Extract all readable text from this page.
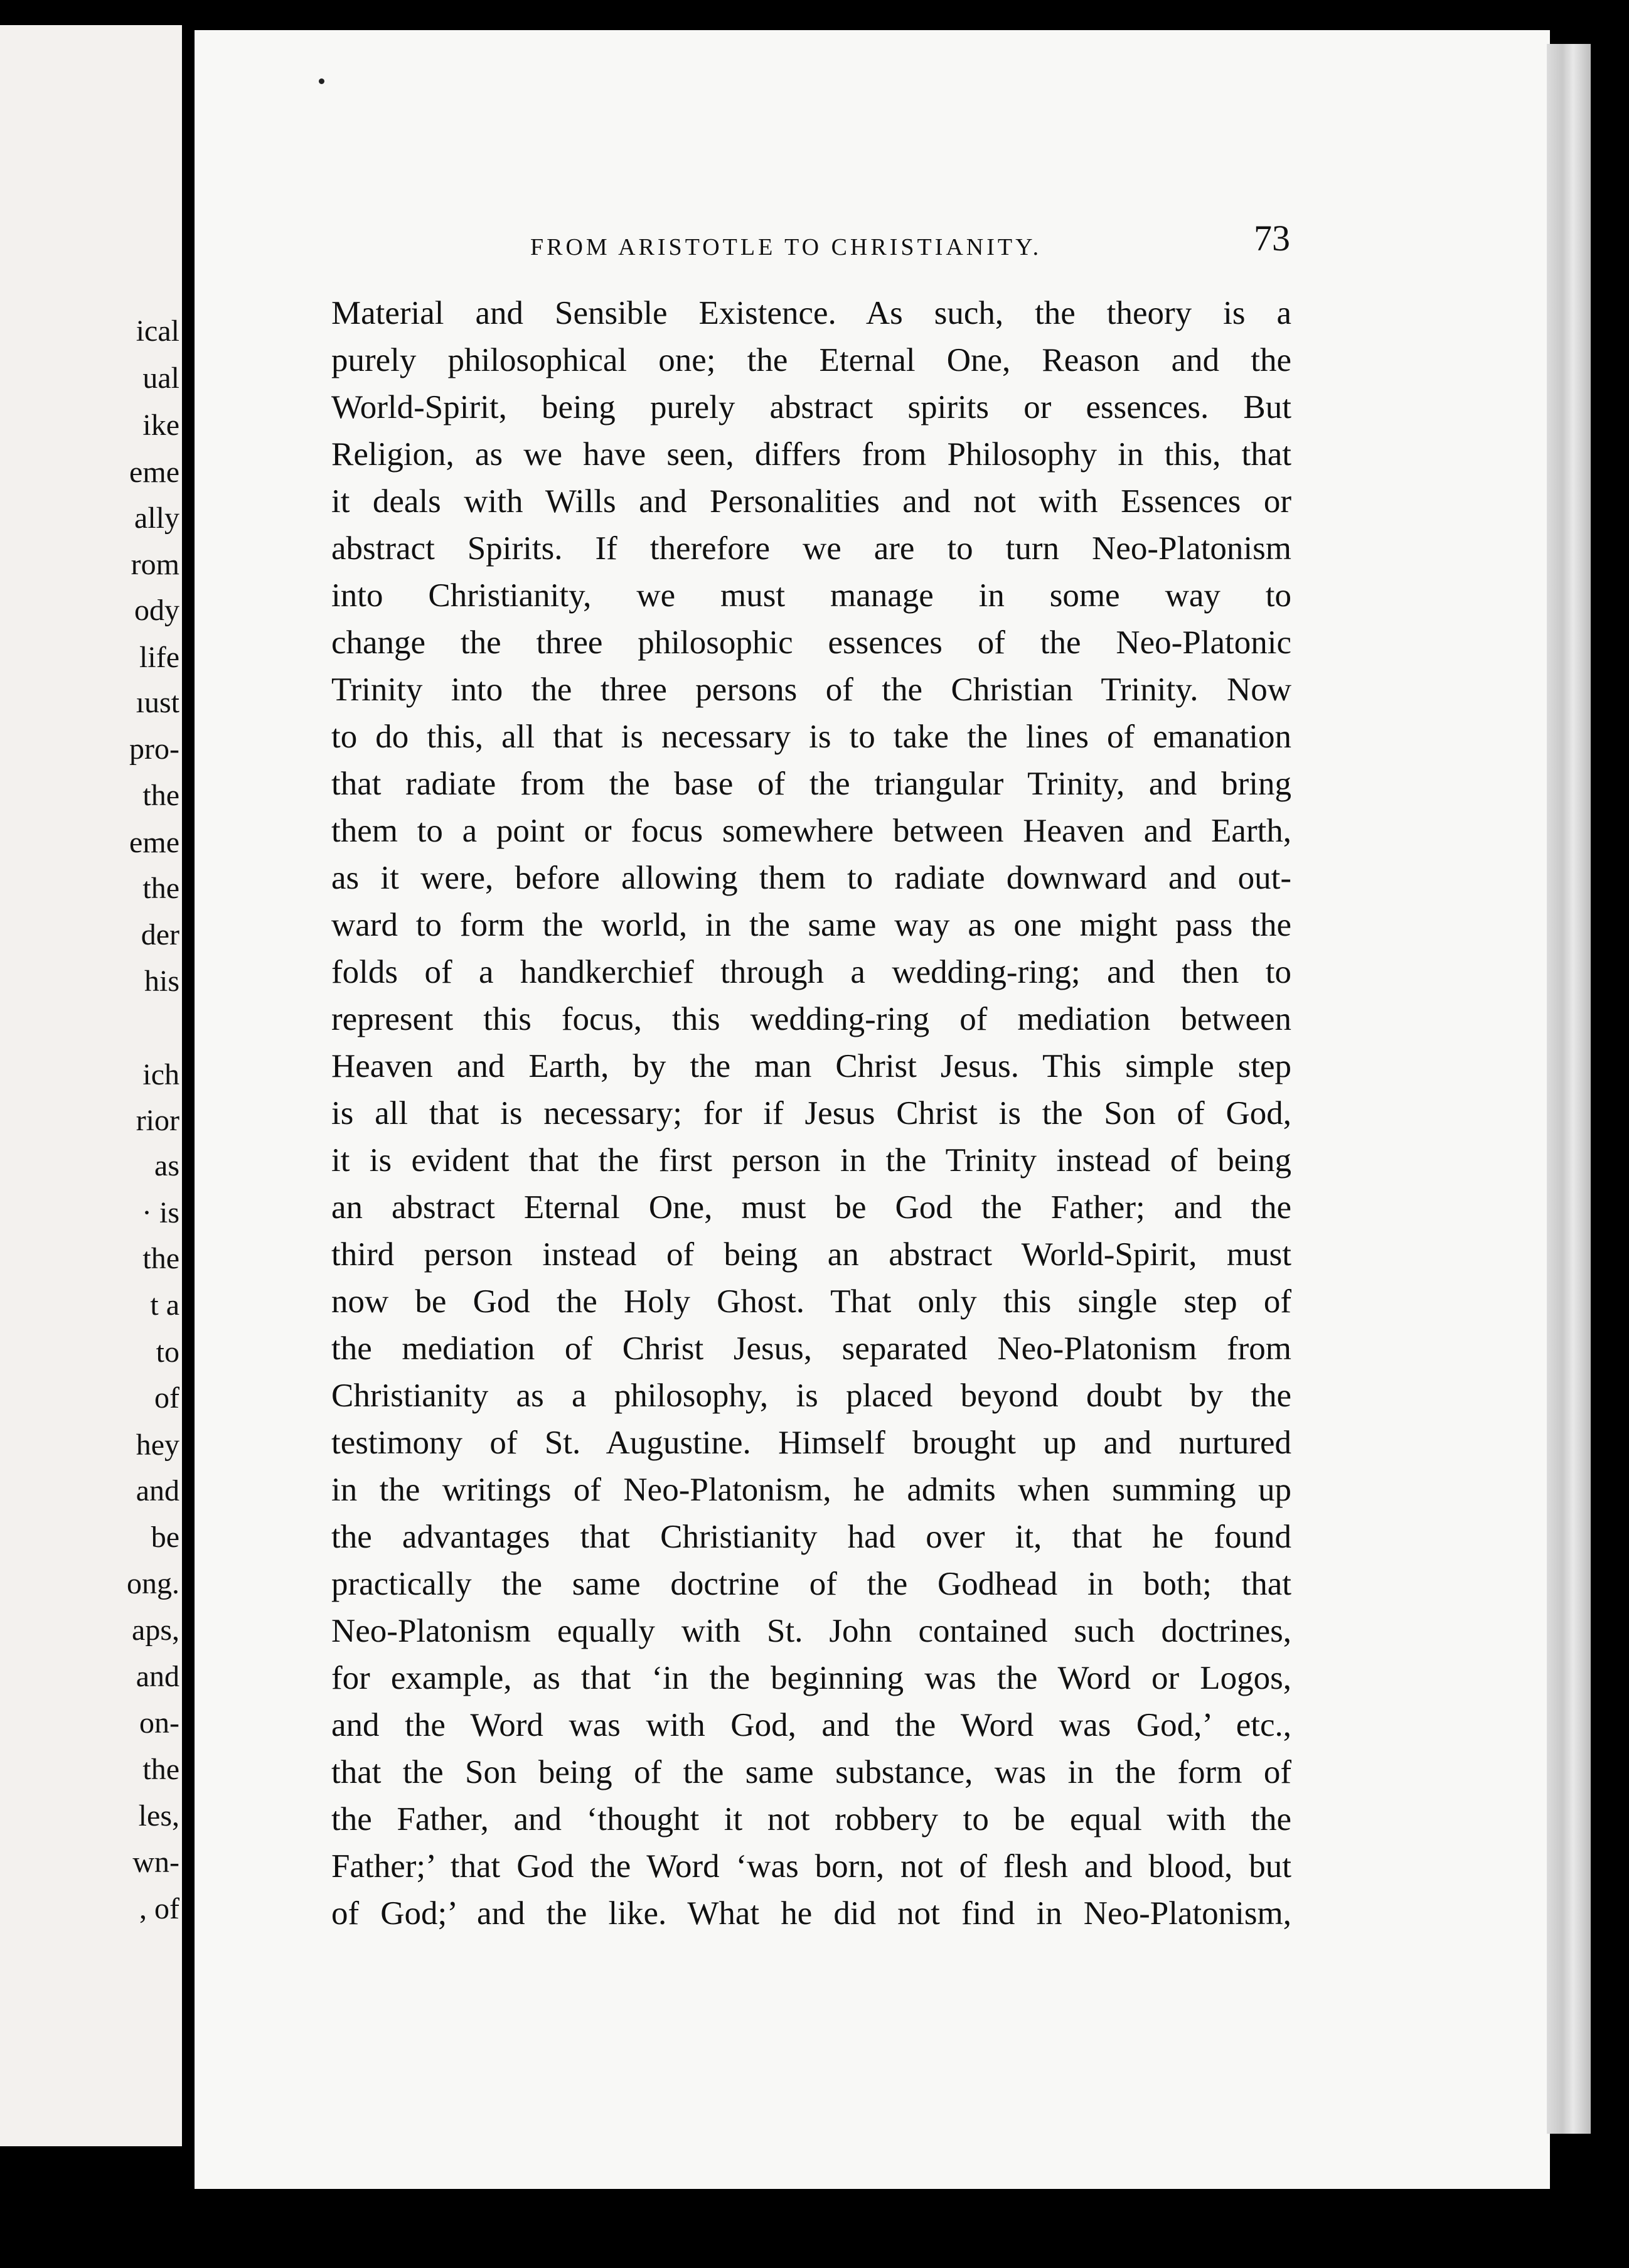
ical

ual

ike

eme

ally

rom

ody

life

ıust

pro-

the

eme

the

der

his

ich

rior

as

· is

the

t a

to

of

hey

and

be

ong.

aps,

and

on-

the

les,

wn-

, of

FROM ARISTOTLE TO CHRISTIANITY.	73

Material and Sensible Existence. As such, the theory is a
purely philosophical one; the Eternal One, Reason and the
World-Spirit, being purely abstract spirits or essences. But
Religion, as we have seen, differs from Philosophy in this, that
it deals with Wills and Personalities and not with Essences or
abstract Spirits. If therefore we are to turn Neo-Platonism
into Christianity, we must manage in some way to
change the three philosophic essences of the Neo-Platonic
Trinity into the three persons of the Christian Trinity. Now
to do this, all that is necessary is to take the lines of emanation
that radiate from the base of the triangular Trinity, and bring
them to a point or focus somewhere between Heaven and Earth,
as it were, before allowing them to radiate downward and out-
ward to form the world, in the same way as one might pass the
folds of a handkerchief through a wedding-ring; and then to
represent this focus, this wedding-ring of mediation between
Heaven and Earth, by the man Christ Jesus. This simple step
is all that is necessary; for if Jesus Christ is the Son of God,
it is evident that the first person in the Trinity instead of being
an abstract Eternal One, must be God the Father; and the
third person instead of being an abstract World-Spirit, must
now be God the Holy Ghost. That only this single step of
the mediation of Christ Jesus, separated Neo-Platonism from
Christianity as a philosophy, is placed beyond doubt by the
testimony of St. Augustine. Himself brought up and nurtured
in the writings of Neo-Platonism, he admits when summing up
the advantages that Christianity had over it, that he found
practically the same doctrine of the Godhead in both; that
Neo-Platonism equally with St. John contained such doctrines,
for example, as that ‘in the beginning was the Word or Logos,
and the Word was with God, and the Word was God,’ etc.,
that the Son being of the same substance, was in the form of
the Father, and ‘thought it not robbery to be equal with the
Father;’ that God the Word ‘was born, not of flesh and blood, but
of God;’ and the like. What he did not find in Neo-Platonism,
